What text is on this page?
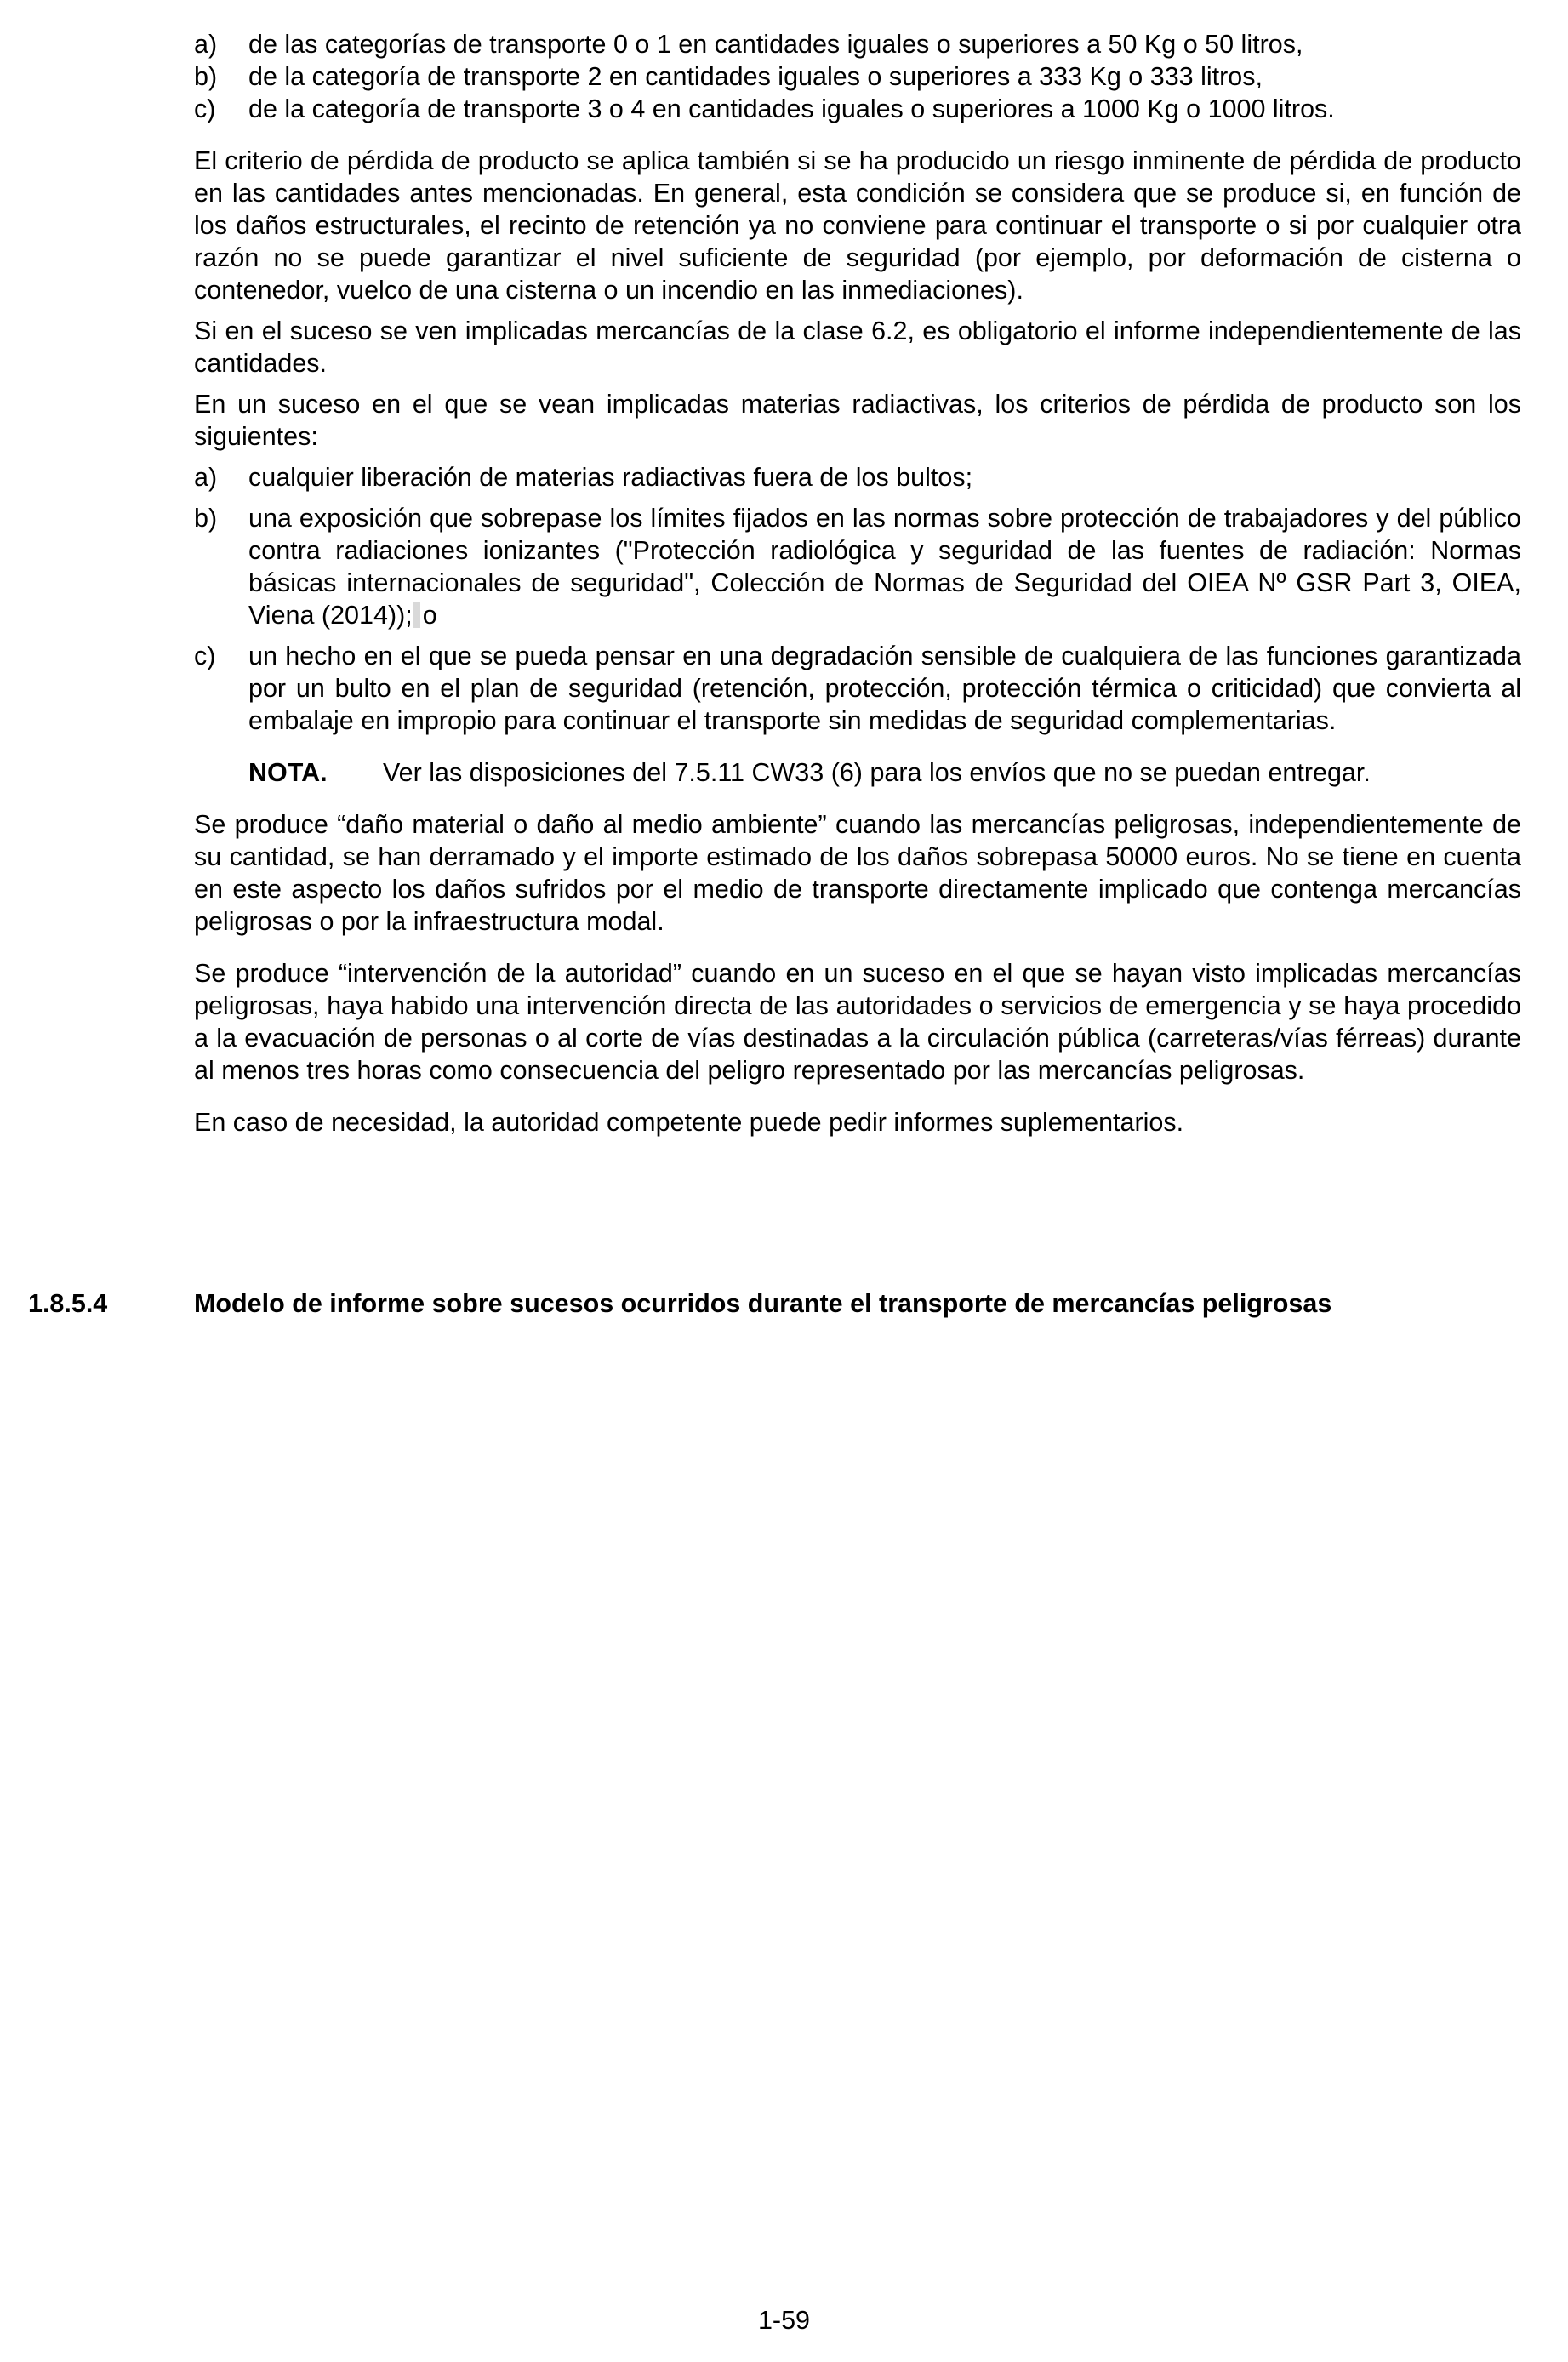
a)	de las categorías de transporte 0 o 1 en cantidades iguales o superiores a 50 Kg o 50 litros,
b)	de la categoría de transporte 2 en cantidades iguales o superiores a 333 Kg o 333 litros,
c)	de la categoría de transporte 3 o 4 en cantidades iguales o superiores a 1000 Kg o 1000 litros.

El criterio de pérdida de producto se aplica también si se ha producido un riesgo inminente de pérdida de producto en las cantidades antes mencionadas. En general, esta condición se considera que se produce si, en función de los daños estructurales, el recinto de retención ya no conviene para continuar el transporte o si por cualquier otra razón no se puede garantizar el nivel suficiente de seguridad (por ejemplo, por deformación de cisterna o contenedor, vuelco de una cisterna o un incendio en las inmediaciones).

Si en el suceso se ven implicadas mercancías de la clase 6.2, es obligatorio el informe independientemente de las cantidades.

En un suceso en el que se vean implicadas materias radiactivas, los criterios de pérdida de producto son los siguientes:

a)	cualquier liberación de materias radiactivas fuera de los bultos;
b)	una exposición que sobrepase los límites fijados en las normas sobre protección de trabajadores y del público contra radiaciones ionizantes ("Protección radiológica y seguridad de las fuentes de radiación: Normas básicas internacionales de seguridad", Colección de Normas de Seguridad del OIEA Nº GSR Part 3, OIEA, Viena (2014)); o
c)	un hecho en el que se pueda pensar en una degradación sensible de cualquiera de las funciones garantizada por un bulto en el plan de seguridad (retención, protección, protección térmica o criticidad) que convierta al embalaje en impropio para continuar el transporte sin medidas de seguridad complementarias.
NOTA.	Ver las disposiciones del 7.5.11 CW33 (6) para los envíos que no se puedan entregar.

Se produce “daño material o daño al medio ambiente” cuando las mercancías peligrosas, independientemente de su cantidad, se han derramado y el importe estimado de los daños sobrepasa 50000 euros. No se tiene en cuenta en este aspecto los daños sufridos por el medio de transporte directamente implicado que contenga mercancías peligrosas o por la infraestructura modal.

Se produce “intervención de la autoridad” cuando en un suceso en el que se hayan visto implicadas mercancías peligrosas, haya habido una intervención directa de las autoridades o servicios de emergencia y se haya procedido a la evacuación de personas o al corte de vías destinadas a la circulación pública (carreteras/vías férreas) durante al menos tres horas como consecuencia del peligro representado por las mercancías peligrosas.

En caso de necesidad, la autoridad competente puede pedir informes suplementarios.

1.8.5.4	Modelo de informe sobre sucesos ocurridos durante el transporte de mercancías peligrosas
1-59
